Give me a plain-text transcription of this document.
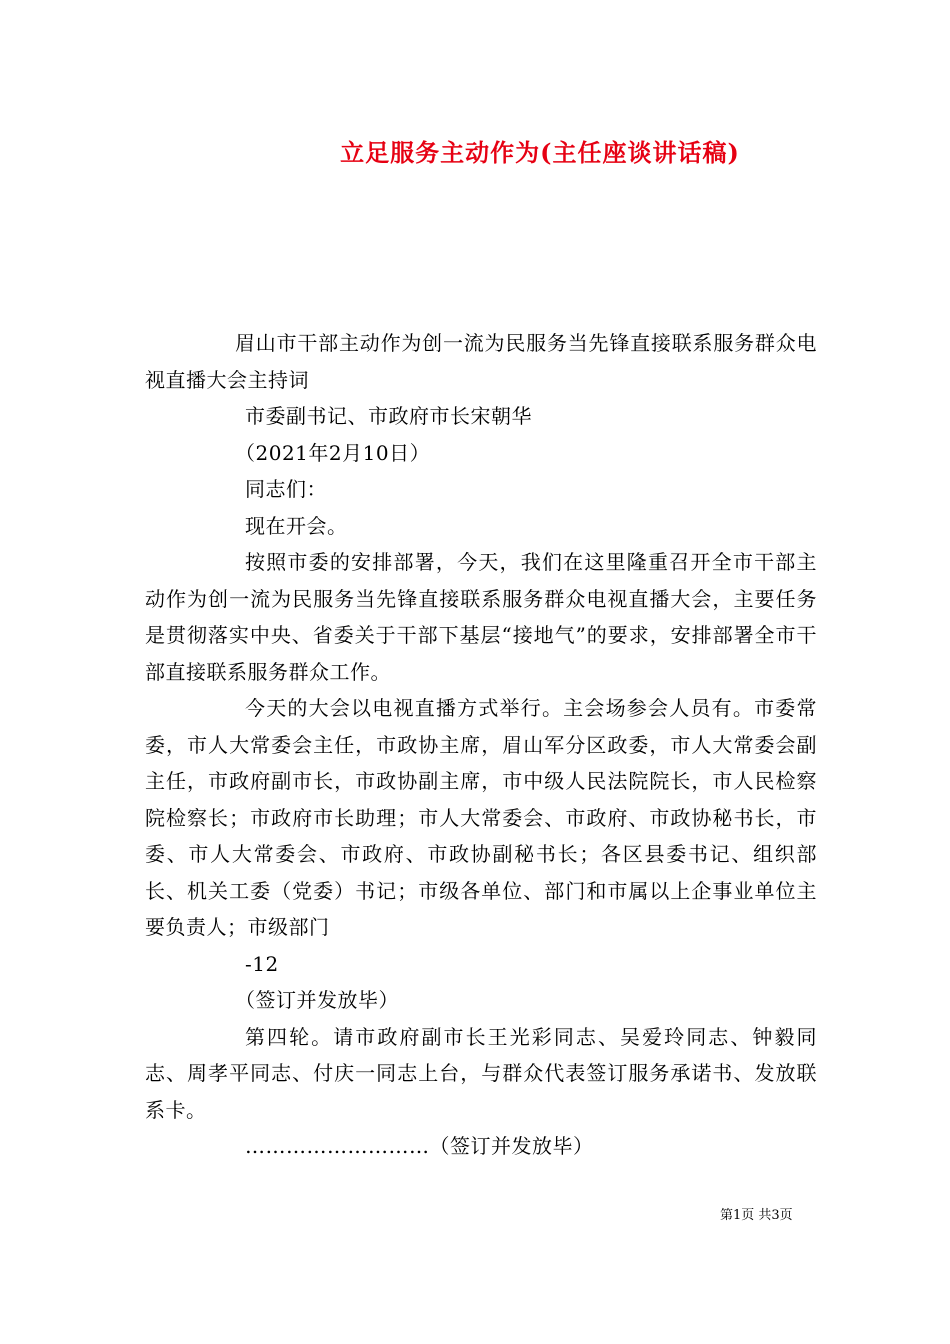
立足服务主动作为(主任座谈讲话稿)

眉山市干部主动作为创一流为民服务当先锋直接联系服务群众电视直播大会主持词

市委副书记、市政府市长宋朝华

（2021年2月10日）

同志们：

现在开会。

按照市委的安排部署，今天，我们在这里隆重召开全市干部主动作为创一流为民服务当先锋直接联系服务群众电视直播大会，主要任务是贯彻落实中央、省委关于干部下基层“接地气”的要求，安排部署全市干部直接联系服务群众工作。

今天的大会以电视直播方式举行。主会场参会人员有。市委常委，市人大常委会主任，市政协主席，眉山军分区政委，市人大常委会副主任，市政府副市长，市政协副主席，市中级人民法院院长，市人民检察院检察长；市政府市长助理；市人大常委会、市政府、市政协秘书长，市委、市人大常委会、市政府、市政协副秘书长；各区县委书记、组织部长、机关工委（党委）书记；市级各单位、部门和市属以上企事业单位主要负责人；市级部门

-12

（签订并发放毕）

第四轮。请市政府副市长王光彩同志、吴爱玲同志、钟毅同志、周孝平同志、付庆一同志上台，与群众代表签订服务承诺书、发放联系卡。

………………………（签订并发放毕）

第1页 共3页
